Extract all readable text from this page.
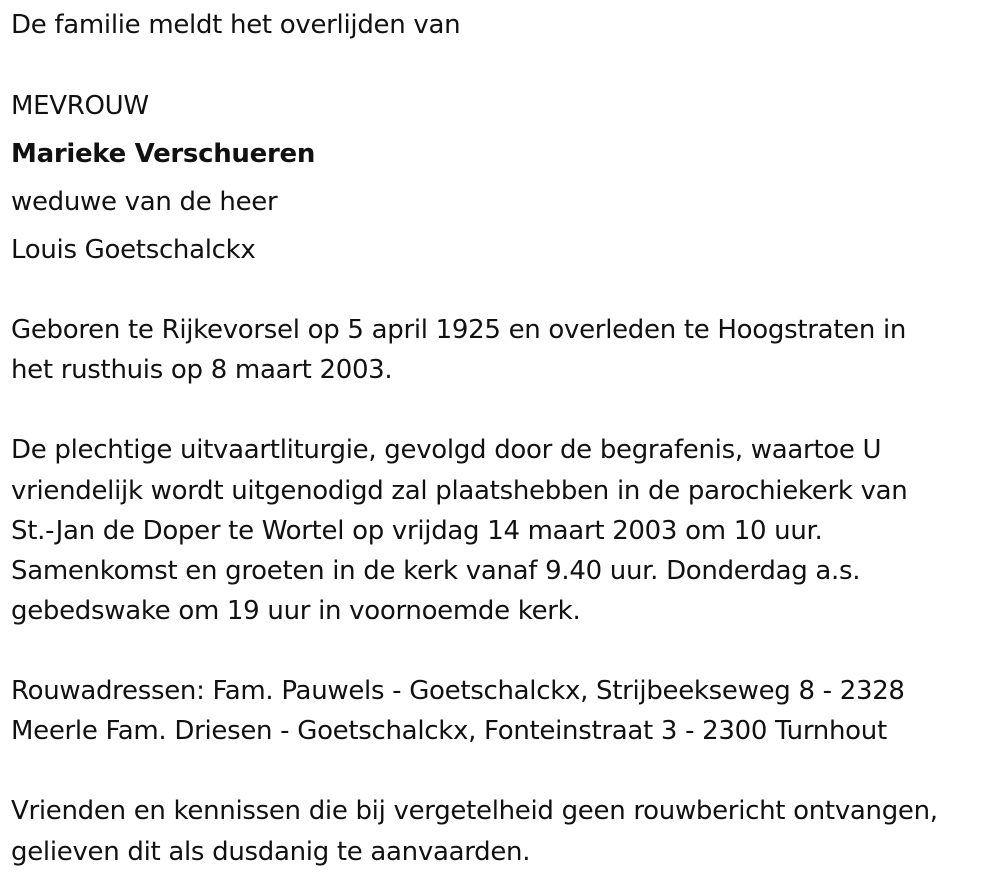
De familie meldt het overlijden van
MEVROUW
Marieke Verschueren
weduwe van de heer
Louis Goetschalckx
Geboren te Rijkevorsel op 5 april 1925 en overleden te Hoogstraten in
het rusthuis op 8 maart 2003.
De plechtige uitvaartliturgie, gevolgd door de begrafenis, waartoe U
vriendelijk wordt uitgenodigd zal plaatshebben in de parochiekerk van
St.-Jan de Doper te Wortel op vrijdag 14 maart 2003 om 10 uur.
Samenkomst en groeten in de kerk vanaf 9.40 uur. Donderdag a.s.
gebedswake om 19 uur in voornoemde kerk.
Rouwadressen: Fam. Pauwels - Goetschalckx, Strijbeekseweg 8 - 2328
Meerle Fam. Driesen - Goetschalckx, Fonteinstraat 3 - 2300 Turnhout
Vrienden en kennissen die bij vergetelheid geen rouwbericht ontvangen,
gelieven dit als dusdanig te aanvaarden.
